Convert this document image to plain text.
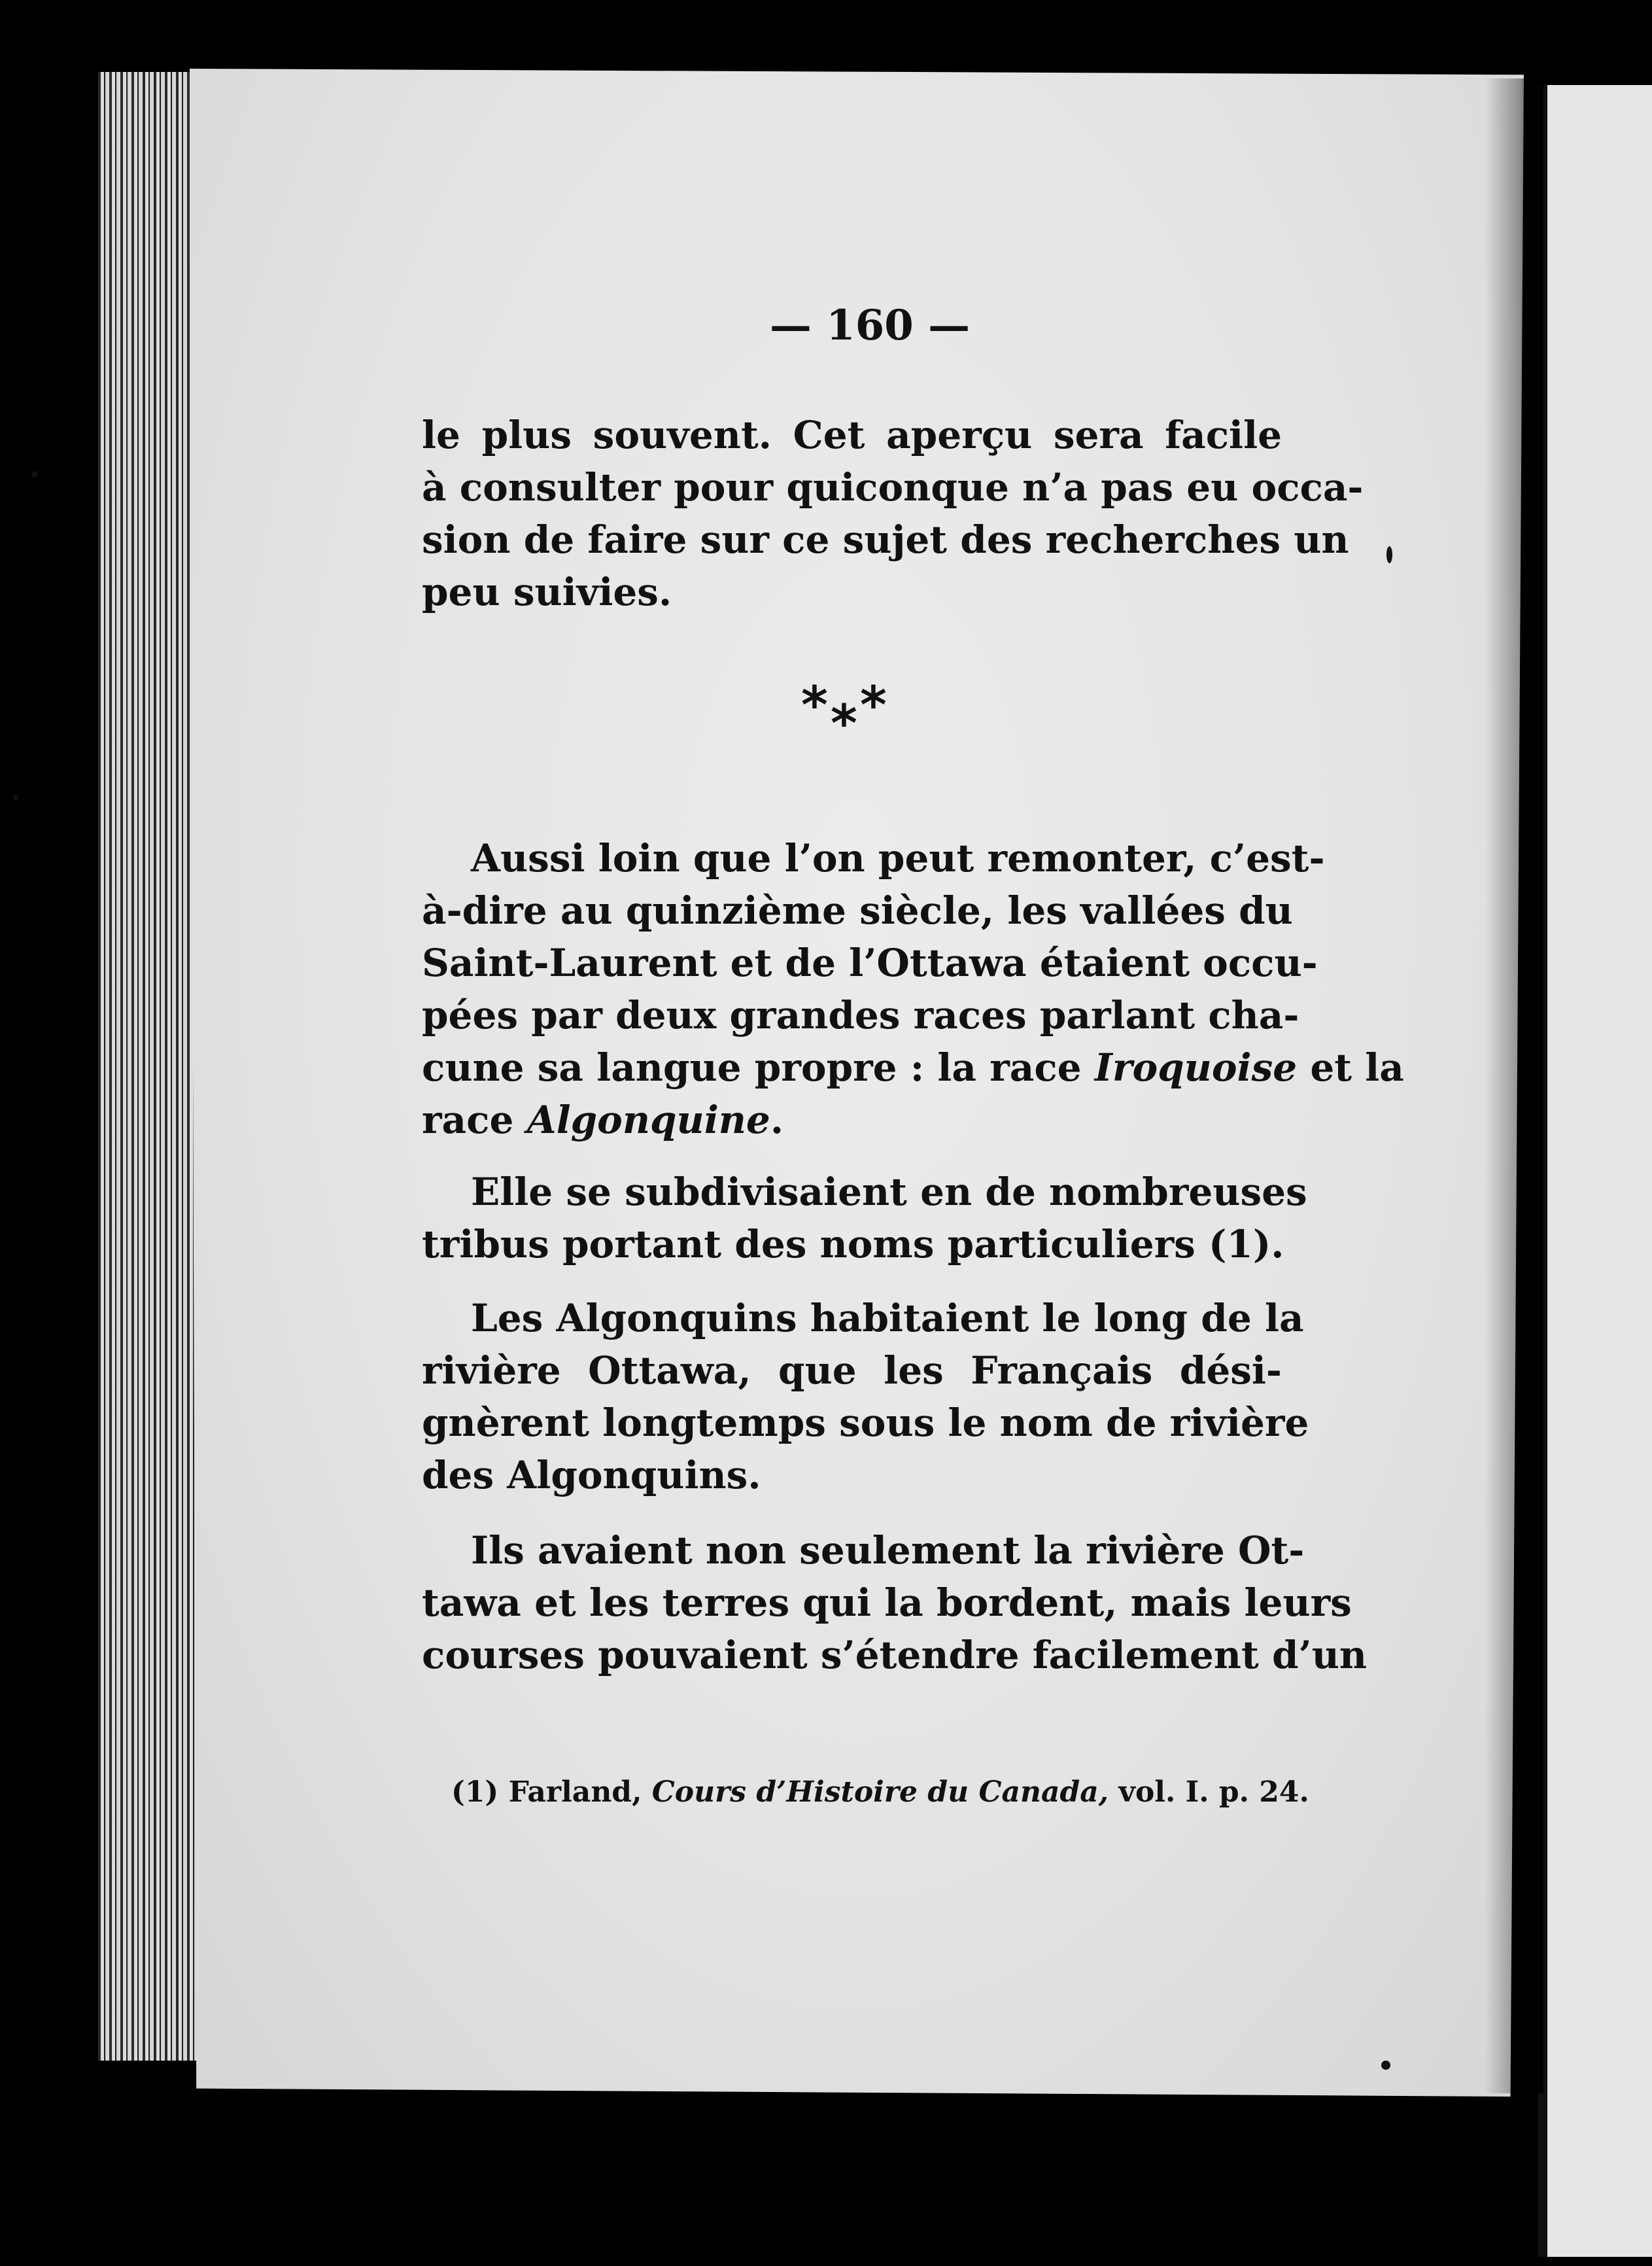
— 160 —
le plus souvent. Cet aperçu sera facile
à consulter pour quiconque n’a pas eu occa-
sion de faire sur ce sujet des recherches un
peu suivies.
* * *
Aussi loin que l’on peut remonter, c’est-
à-dire au quinzième siècle, les vallées du
Saint-Laurent et de l’Ottawa étaient occu-
pées par deux grandes races parlant cha-
cune sa langue propre : la race Iroquoise et la
race Algonquine.
Elle se subdivisaient en de nombreuses
tribus portant des noms particuliers (1).
Les Algonquins habitaient le long de la
rivière Ottawa, que les Français dési-
gnèrent longtemps sous le nom de rivière
des Algonquins.
Ils avaient non seulement la rivière Ot-
tawa et les terres qui la bordent, mais leurs
courses pouvaient s’étendre facilement d’un
(1) Farland, Cours d’Histoire du Canada, vol. I. p. 24.
